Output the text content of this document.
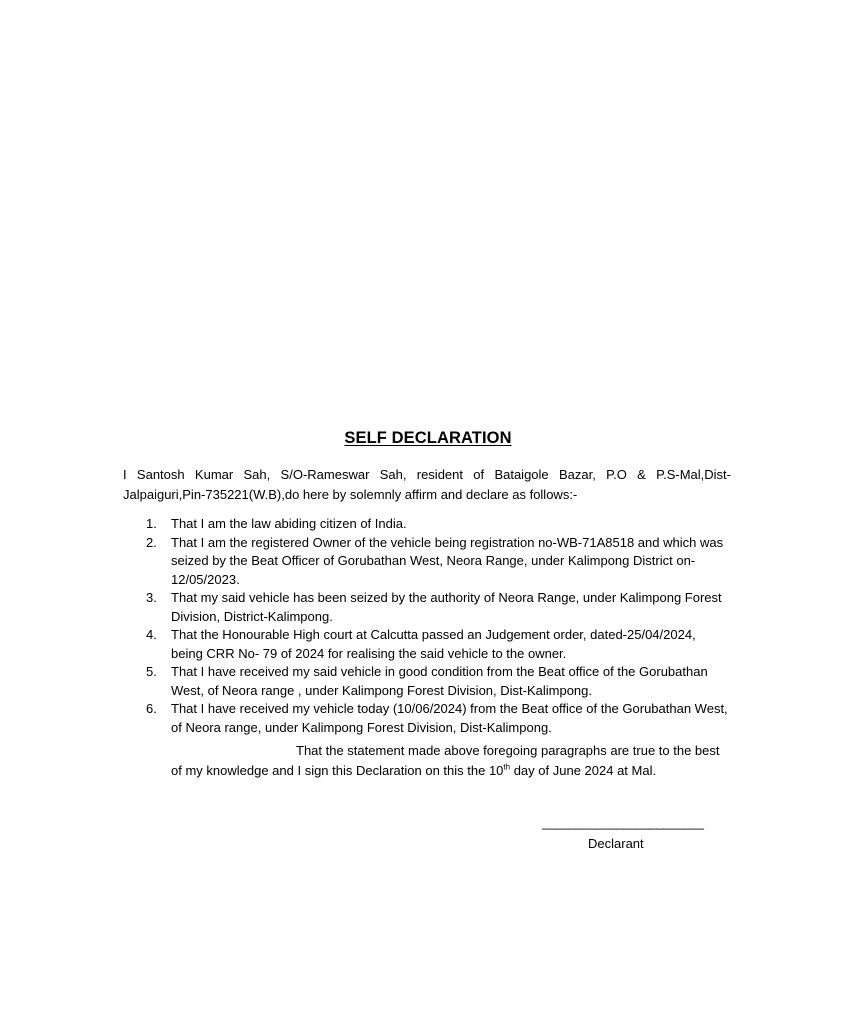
SELF DECLARATION
I Santosh Kumar Sah, S/O-Rameswar Sah, resident of Bataigole Bazar, P.O & P.S-Mal,Dist-Jalpaiguri,Pin-735221(W.B),do here by solemnly affirm and declare as follows:-
1. That I am the law abiding citizen of India.
2. That I am the registered Owner of the vehicle being registration no-WB-71A8518 and which was seized by the Beat Officer of Gorubathan West, Neora Range, under Kalimpong District on-12/05/2023.
3. That my said vehicle has been seized by the authority of Neora Range, under Kalimpong Forest Division, District-Kalimpong.
4. That the Honourable High court at Calcutta passed an Judgement order, dated-25/04/2024, being CRR No- 79 of 2024 for realising the said vehicle to the owner.
5. That I have received my said vehicle in good condition from the Beat office of the Gorubathan West, of Neora range , under Kalimpong Forest Division, Dist-Kalimpong.
6. That I have received my vehicle today (10/06/2024) from the Beat office of the Gorubathan West, of Neora range, under Kalimpong Forest Division, Dist-Kalimpong.
That the statement made above foregoing paragraphs are true to the best of my knowledge and I sign this Declaration on this the 10th day of June 2024 at Mal.
________________________
Declarant
